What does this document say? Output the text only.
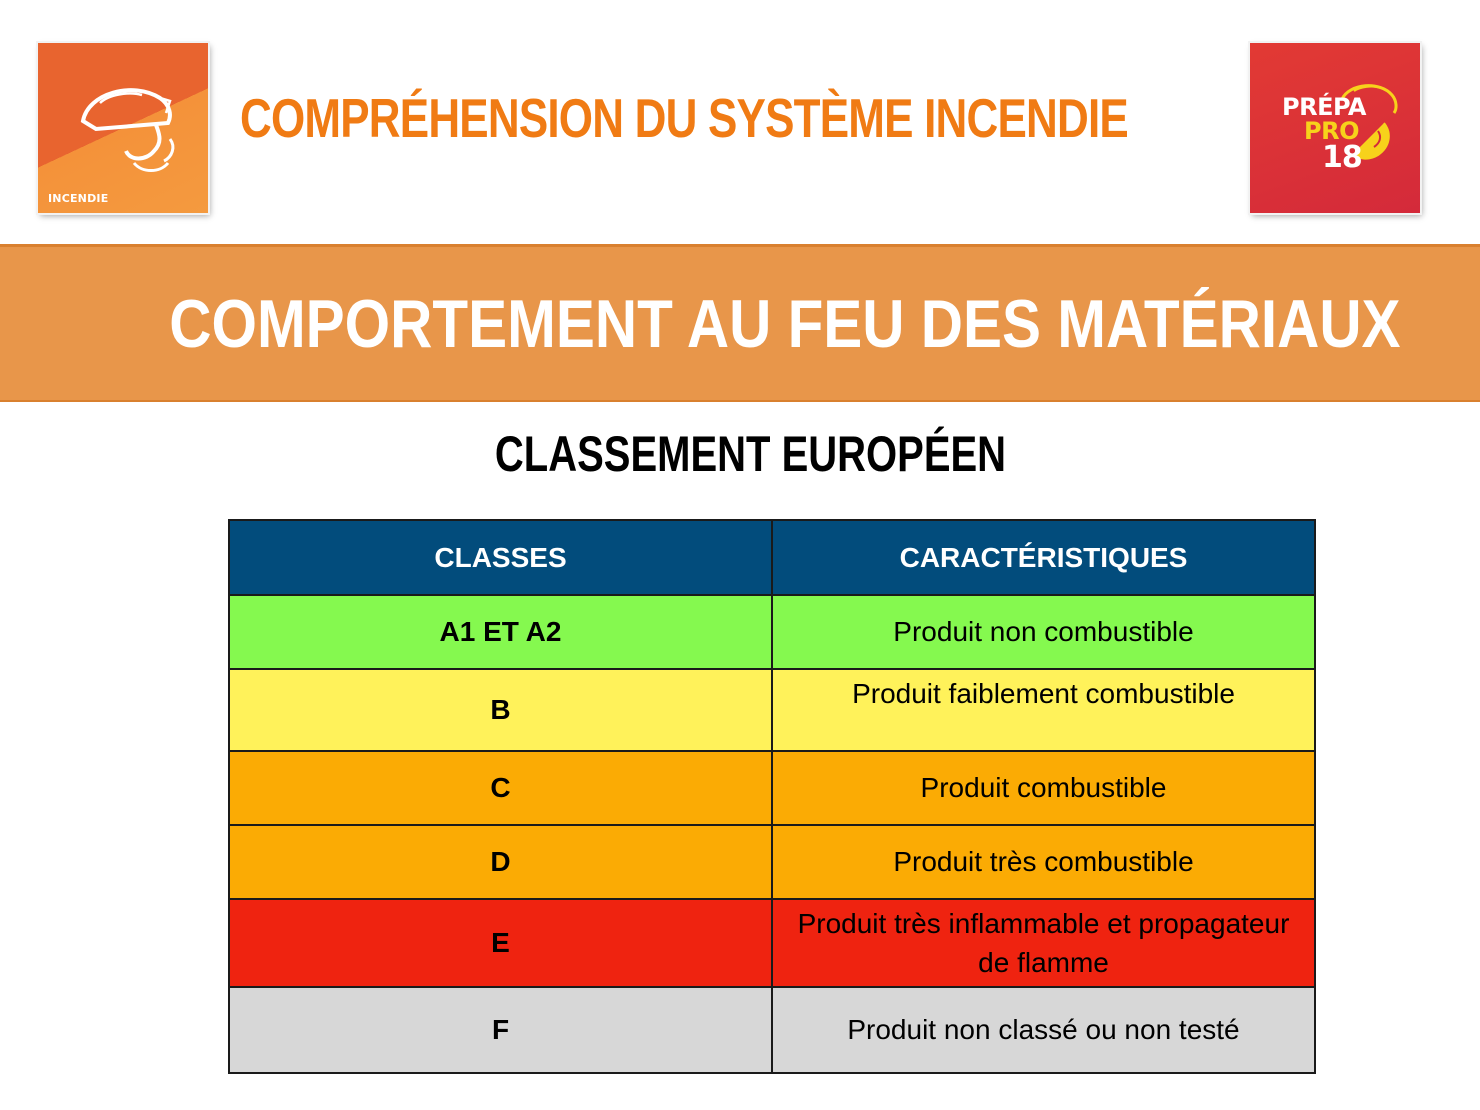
INCENDIE
COMPRÉHENSION DU SYSTÈME INCENDIE	PRÉPA
PRO
18
COMPORTEMENT AU FEU DES MATÉRIAUX
CLASSEMENT EUROPÉEN
CLASSES	CARACTÉRISTIQUES
A1 ET A2	Produit non combustible
B	Produit faiblement combustible
C	Produit combustible
D	Produit très combustible
E	Produit très inflammable et propagateur de flamme
F	Produit non classé ou non testé
